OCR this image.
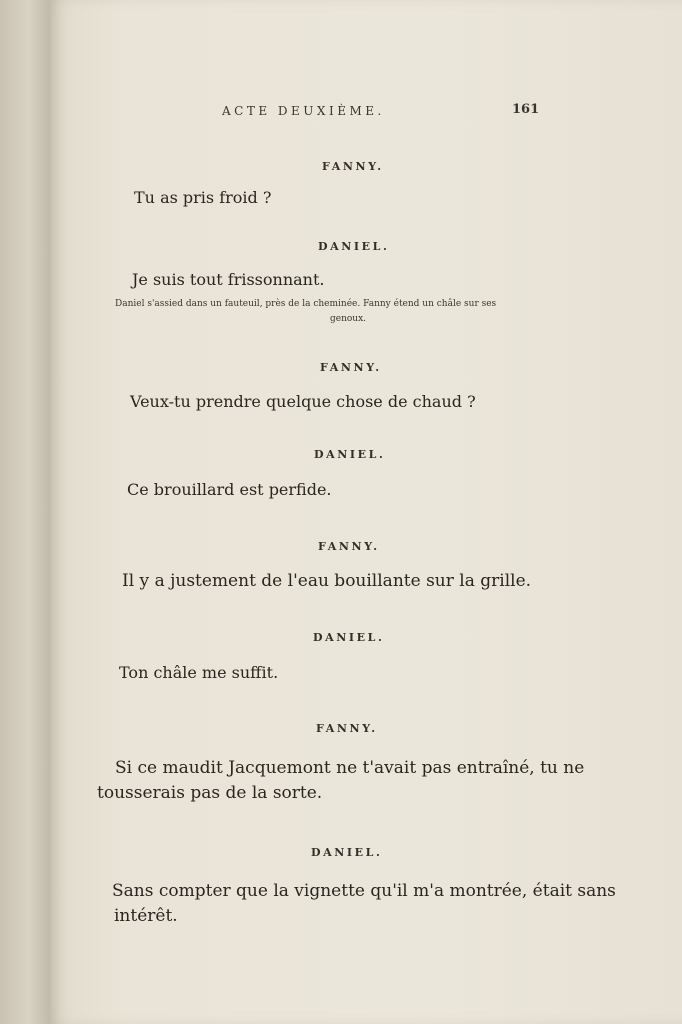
ACTE DEUXIÈME.	161
FANNY.
Tu as pris froid ?
DANIEL.
Je suis tout frissonnant.
Daniel s'assied dans un fauteuil, près de la cheminée. Fanny étend un châle sur ses
genoux.
FANNY.
Veux-tu prendre quelque chose de chaud ?
DANIEL.
Ce brouillard est perfide.
FANNY.
Il y a justement de l'eau bouillante sur la grille.
DANIEL.
Ton châle me suffit.
FANNY.
Si ce maudit Jacquemont ne t'avait pas entraîné, tu ne
tousserais pas de la sorte.
DANIEL.
Sans compter que la vignette qu'il m'a montrée, était sans
intérêt.
